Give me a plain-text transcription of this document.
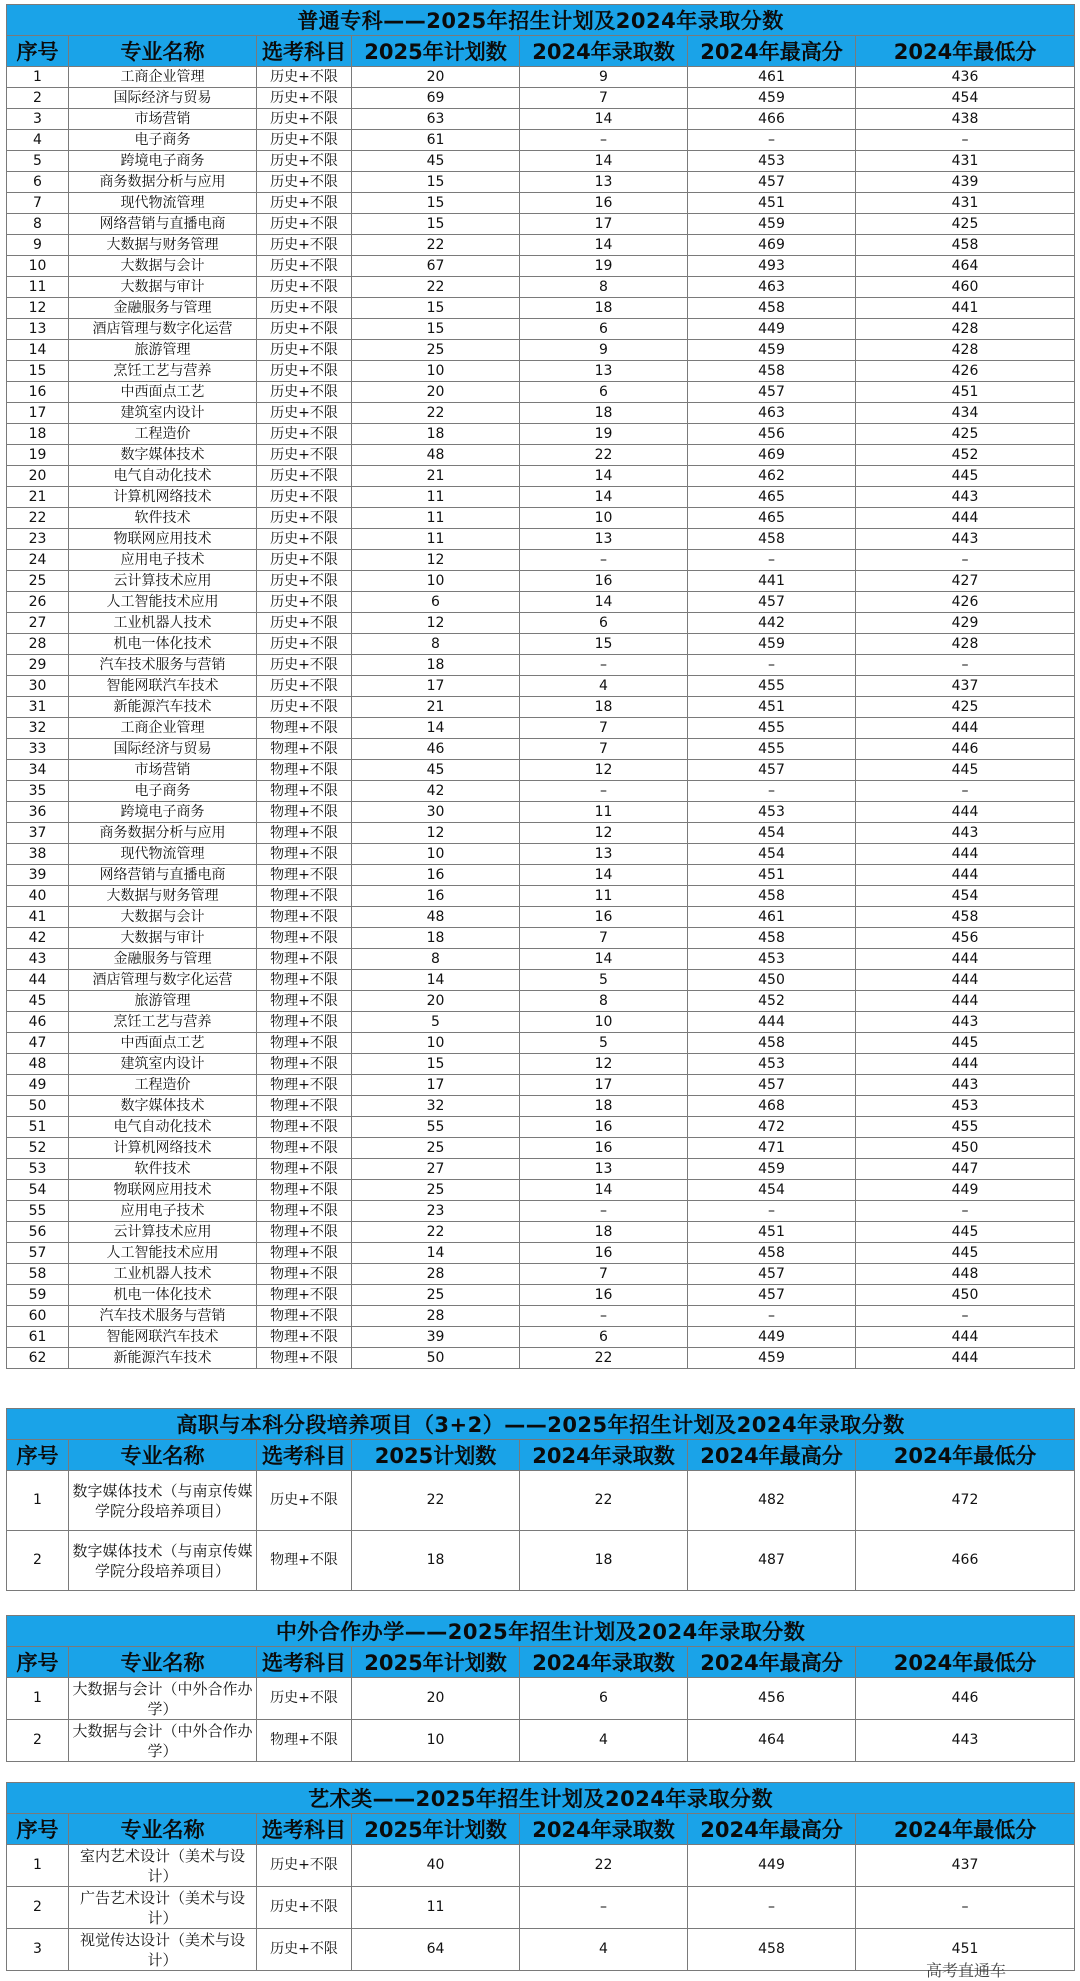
普通专科——2025年招生计划及2024年录取分数						
序号	专业名称	选考科目	2025年计划数	2024年录取数	2024年最高分	2024年最低分
1	工商企业管理	历史+不限	20	9	461	436
2	国际经济与贸易	历史+不限	69	7	459	454
3	市场营销	历史+不限	63	14	466	438
4	电子商务	历史+不限	61	–	–	–
5	跨境电子商务	历史+不限	45	14	453	431
6	商务数据分析与应用	历史+不限	15	13	457	439
7	现代物流管理	历史+不限	15	16	451	431
8	网络营销与直播电商	历史+不限	15	17	459	425
9	大数据与财务管理	历史+不限	22	14	469	458
10	大数据与会计	历史+不限	67	19	493	464
11	大数据与审计	历史+不限	22	8	463	460
12	金融服务与管理	历史+不限	15	18	458	441
13	酒店管理与数字化运营	历史+不限	15	6	449	428
14	旅游管理	历史+不限	25	9	459	428
15	烹饪工艺与营养	历史+不限	10	13	458	426
16	中西面点工艺	历史+不限	20	6	457	451
17	建筑室内设计	历史+不限	22	18	463	434
18	工程造价	历史+不限	18	19	456	425
19	数字媒体技术	历史+不限	48	22	469	452
20	电气自动化技术	历史+不限	21	14	462	445
21	计算机网络技术	历史+不限	11	14	465	443
22	软件技术	历史+不限	11	10	465	444
23	物联网应用技术	历史+不限	11	13	458	443
24	应用电子技术	历史+不限	12	–	–	–
25	云计算技术应用	历史+不限	10	16	441	427
26	人工智能技术应用	历史+不限	6	14	457	426
27	工业机器人技术	历史+不限	12	6	442	429
28	机电一体化技术	历史+不限	8	15	459	428
29	汽车技术服务与营销	历史+不限	18	–	–	–
30	智能网联汽车技术	历史+不限	17	4	455	437
31	新能源汽车技术	历史+不限	21	18	451	425
32	工商企业管理	物理+不限	14	7	455	444
33	国际经济与贸易	物理+不限	46	7	455	446
34	市场营销	物理+不限	45	12	457	445
35	电子商务	物理+不限	42	–	–	–
36	跨境电子商务	物理+不限	30	11	453	444
37	商务数据分析与应用	物理+不限	12	12	454	443
38	现代物流管理	物理+不限	10	13	454	444
39	网络营销与直播电商	物理+不限	16	14	451	444
40	大数据与财务管理	物理+不限	16	11	458	454
41	大数据与会计	物理+不限	48	16	461	458
42	大数据与审计	物理+不限	18	7	458	456
43	金融服务与管理	物理+不限	8	14	453	444
44	酒店管理与数字化运营	物理+不限	14	5	450	444
45	旅游管理	物理+不限	20	8	452	444
46	烹饪工艺与营养	物理+不限	5	10	444	443
47	中西面点工艺	物理+不限	10	5	458	445
48	建筑室内设计	物理+不限	15	12	453	444
49	工程造价	物理+不限	17	17	457	443
50	数字媒体技术	物理+不限	32	18	468	453
51	电气自动化技术	物理+不限	55	16	472	455
52	计算机网络技术	物理+不限	25	16	471	450
53	软件技术	物理+不限	27	13	459	447
54	物联网应用技术	物理+不限	25	14	454	449
55	应用电子技术	物理+不限	23	–	–	–
56	云计算技术应用	物理+不限	22	18	451	445
57	人工智能技术应用	物理+不限	14	16	458	445
58	工业机器人技术	物理+不限	28	7	457	448
59	机电一体化技术	物理+不限	25	16	457	450
60	汽车技术服务与营销	物理+不限	28	–	–	–
61	智能网联汽车技术	物理+不限	39	6	449	444
62	新能源汽车技术	物理+不限	50	22	459	444
高职与本科分段培养项目（3+2）——2025年招生计划及2024年录取分数						
序号	专业名称	选考科目	2025计划数	2024年录取数	2024年最高分	2024年最低分
1	数字媒体技术（与南京传媒学院分段培养项目）	历史+不限	22	22	482	472
2	数字媒体技术（与南京传媒学院分段培养项目）	物理+不限	18	18	487	466
中外合作办学——2025年招生计划及2024年录取分数						
序号	专业名称	选考科目	2025年计划数	2024年录取数	2024年最高分	2024年最低分
1	大数据与会计（中外合作办学）	历史+不限	20	6	456	446
2	大数据与会计（中外合作办学）	物理+不限	10	4	464	443
艺术类——2025年招生计划及2024年录取分数						
序号	专业名称	选考科目	2025年计划数	2024年录取数	2024年最高分	2024年最低分
1	室内艺术设计（美术与设计）	历史+不限	40	22	449	437
2	广告艺术设计（美术与设计）	历史+不限	11	–	–	–
3	视觉传达设计（美术与设计）	历史+不限	64	4	458	451
高考直通车
